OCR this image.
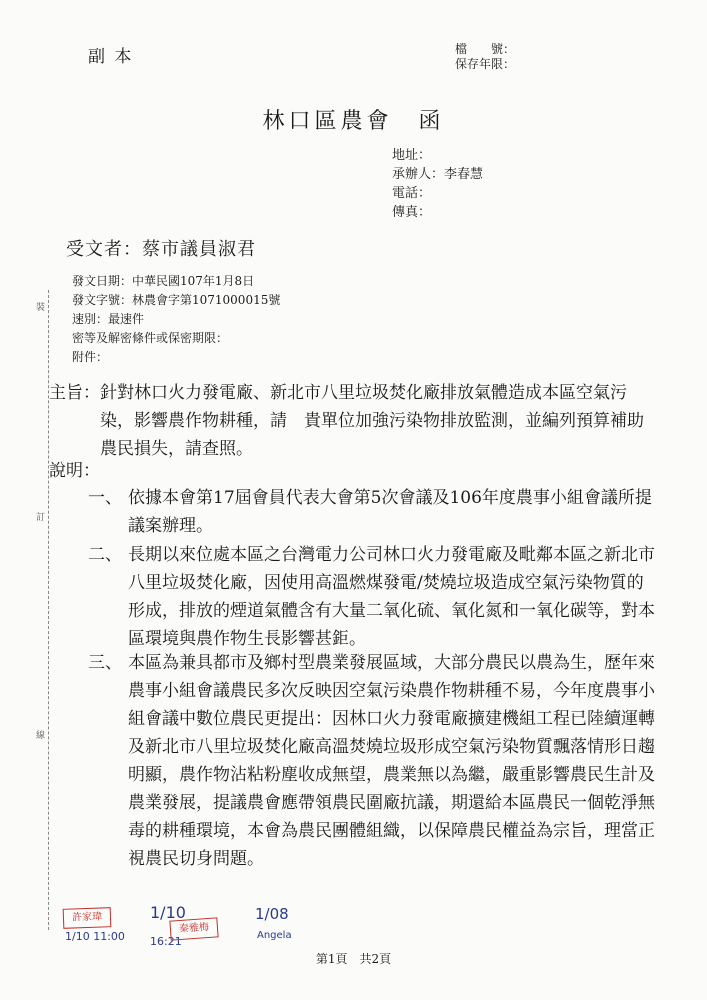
副 本	檔　　號：
保存年限：
林口區農會　函
地址：
承辦人：李春慧
電話：
傳真：
受文者：蔡市議員淑君
發文日期：中華民國107年1月8日
發文字號：林農會字第1071000015號
速別：最速件
密等及解密條件或保密期限：
附件：
裝
訂
線
主旨： 針對林口火力發電廠、新北市八里垃圾焚化廠排放氣體造成本區空氣污染，影響農作物耕種，請　貴單位加強污染物排放監測，並編列預算補助農民損失，請查照。
說明：
一、 依據本會第17屆會員代表大會第5次會議及106年度農事小組會議所提議案辦理。
二、 長期以來位處本區之台灣電力公司林口火力發電廠及毗鄰本區之新北市八里垃圾焚化廠，因使用高溫燃煤發電/焚燒垃圾造成空氣污染物質的形成，排放的煙道氣體含有大量二氧化硫、氧化氮和一氧化碳等，對本區環境與農作物生長影響甚鉅。
三、 本區為兼具都市及鄉村型農業發展區域，大部分農民以農為生，歷年來農事小組會議農民多次反映因空氣污染農作物耕種不易，今年度農事小組會議中數位農民更提出：因林口火力發電廠擴建機組工程已陸續運轉及新北市八里垃圾焚化廠高溫焚燒垃圾形成空氣污染物質飄落情形日趨明顯，農作物沾粘粉塵收成無望，農業無以為繼，嚴重影響農民生計及農業發展，提議農會應帶領農民圍廠抗議，期還給本區農民一個乾淨無毒的耕種環境，本會為農民團體組織，以保障農民權益為宗旨，理當正視農民切身問題。
許家瑋
1/10 11:00
1/10
16:21
秦雅梅
1/08
Angela
第1頁　共2頁
